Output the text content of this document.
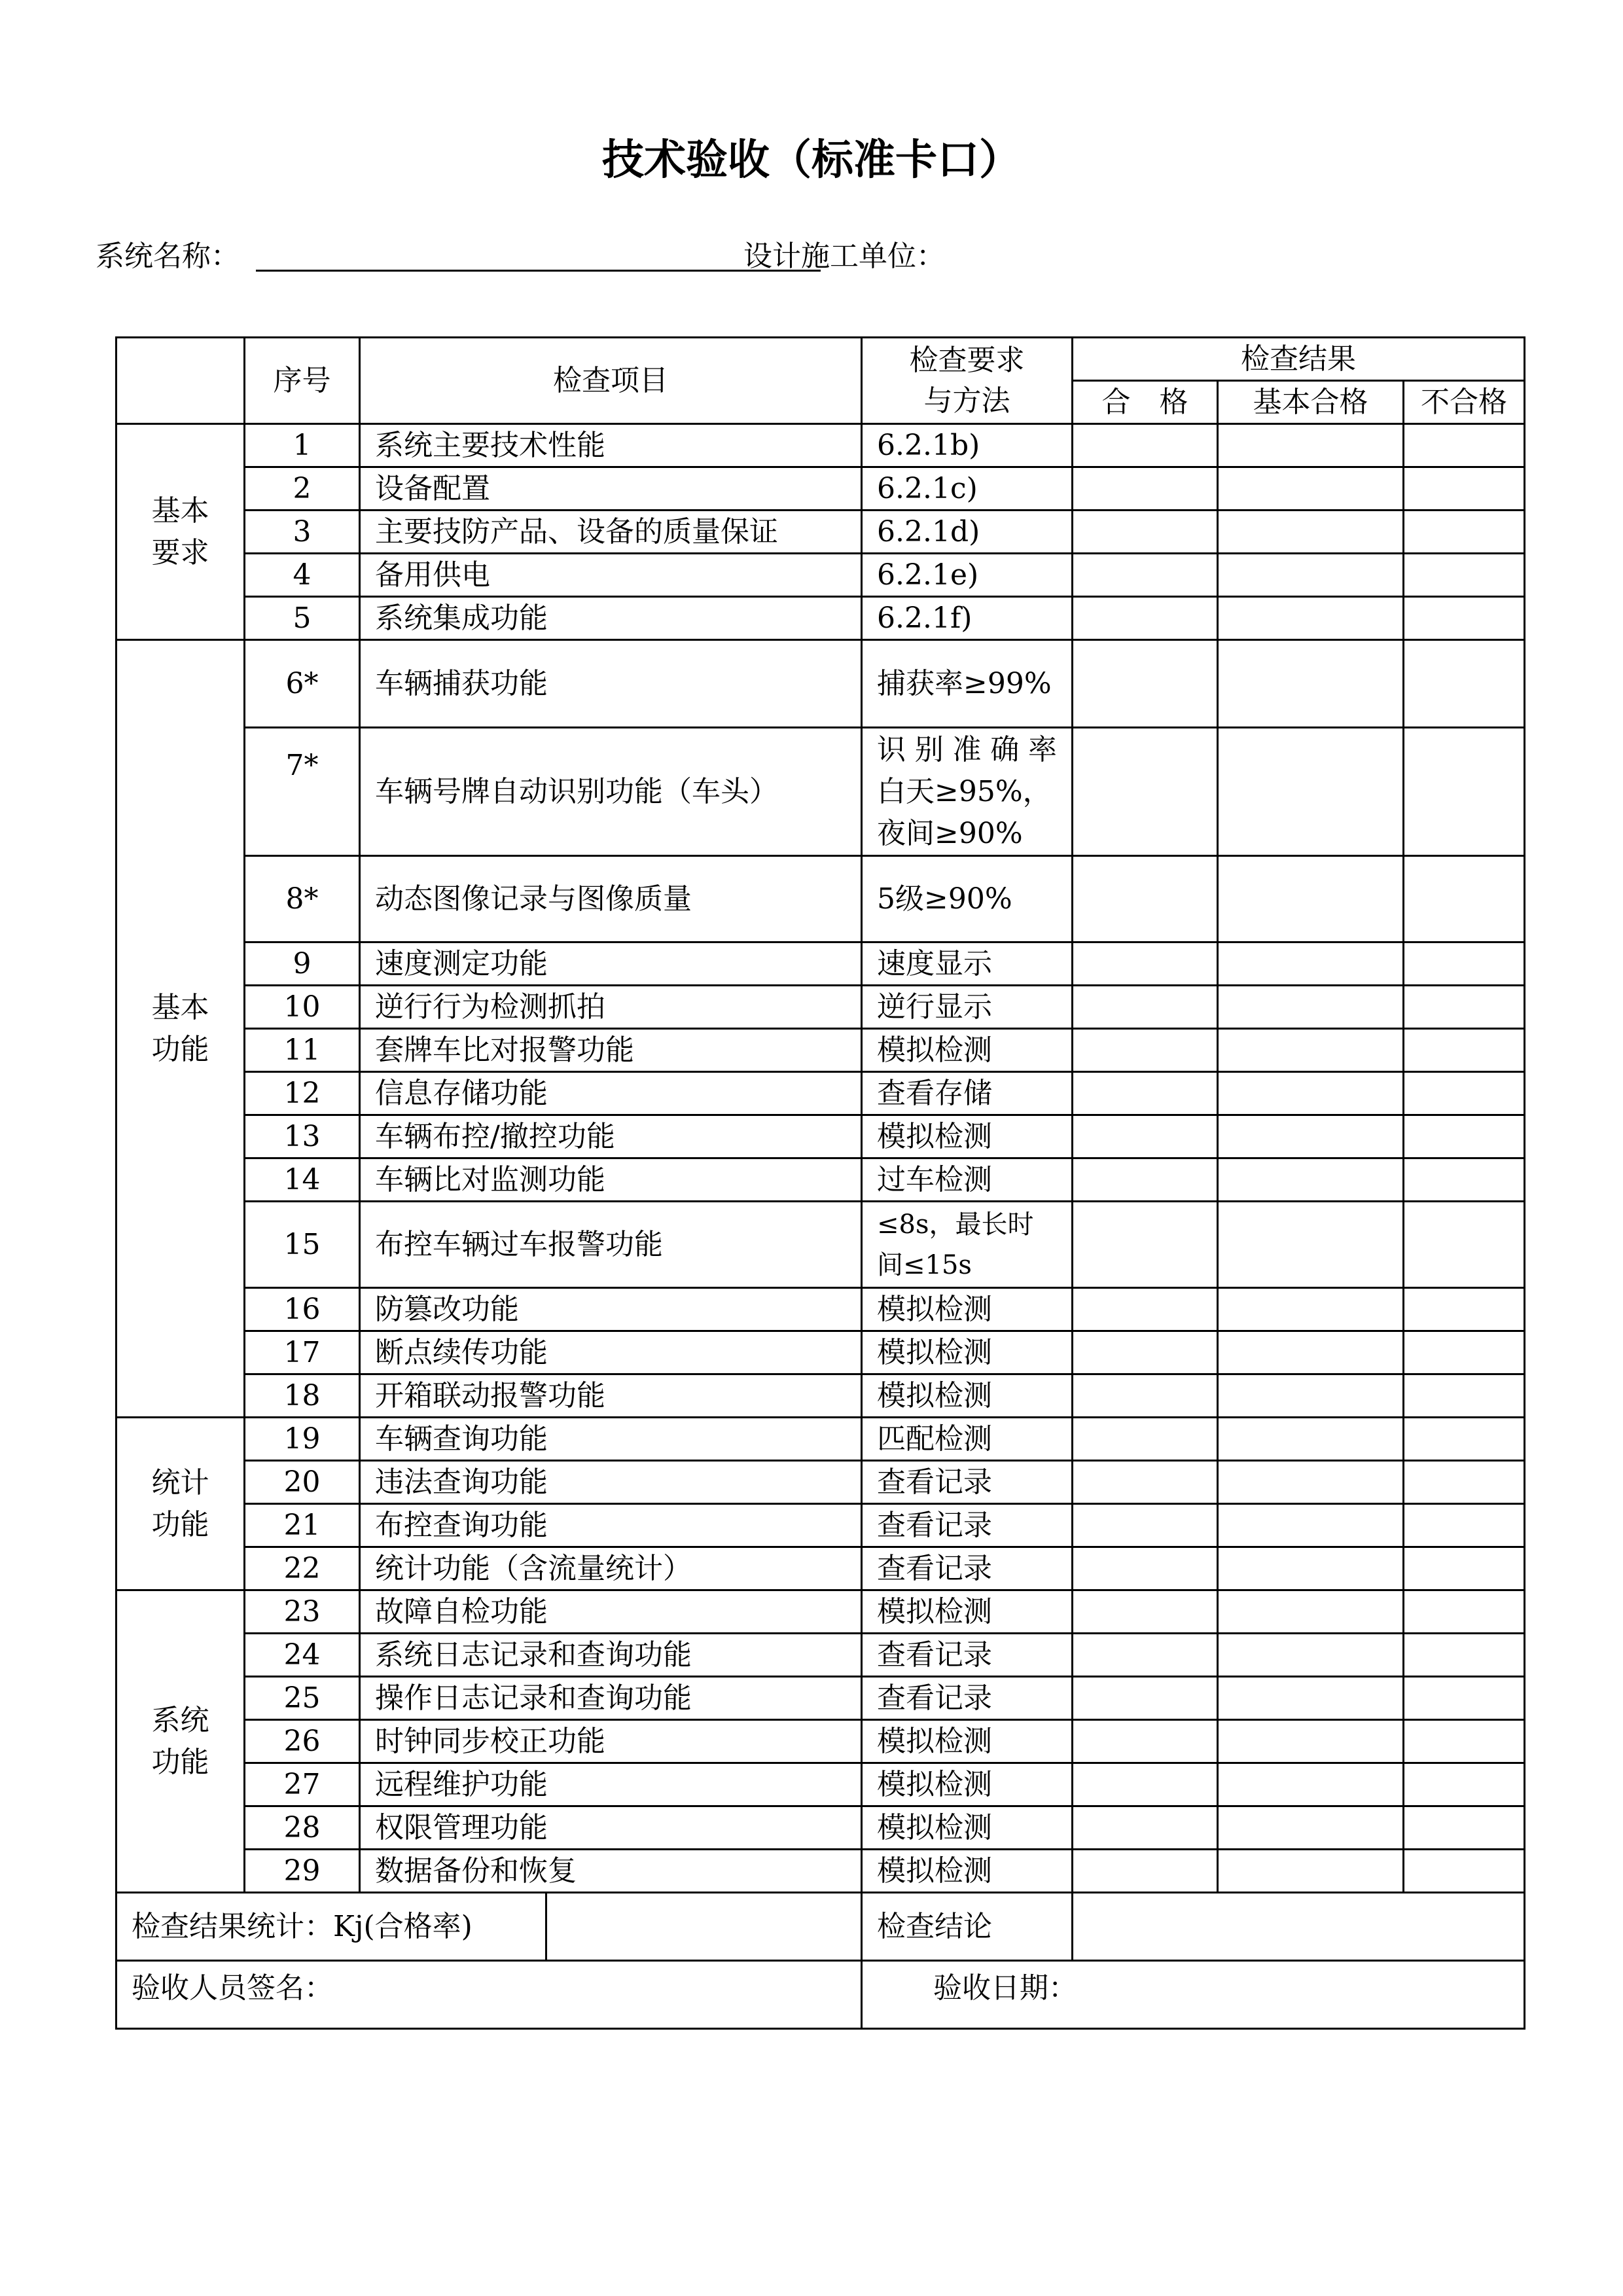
技术验收（标准卡口）
系统名称：	设计施工单位：
	序号	检查项目		检查要求
与方法	检查结果		
					合　格	基本合格	不合格

基本
要求	1	系统主要技术性能		6.2.1b)			
	2	设备配置		6.2.1c)			
	3	主要技防产品、设备的质量保证		6.2.1d)			
	4	备用供电		6.2.1e)			
	5	系统集成功能		6.2.1f)			

基本
功能	6*	车辆捕获功能		捕获率≥99%			
	7*	车辆号牌自动识别功能（车头）		识别准确率
白天≥95%，
夜间≥90%			

	8*	动态图像记录与图像质量		5级≥90%			
	9	速度测定功能		速度显示			
	10	逆行行为检测抓拍		逆行显示			
	11	套牌车比对报警功能		模拟检测			
	12	信息存储功能		查看存储			
	13	车辆布控/撤控功能		模拟检测			
	14	车辆比对监测功能		过车检测			
	15	布控车辆过车报警功能		≤8s，最长时
间≤15s			

	16	防篡改功能		模拟检测			
	17	断点续传功能		模拟检测			
	18	开箱联动报警功能		模拟检测			

统计
功能	19	车辆查询功能		匹配检测			
	20	违法查询功能		查看记录			
	21	布控查询功能		查看记录			
	22	统计功能（含流量统计）		查看记录			

系统
功能	23	故障自检功能		模拟检测			
	24	系统日志记录和查询功能		查看记录			
	25	操作日志记录和查询功能		查看记录			
	26	时钟同步校正功能		模拟检测			
	27	远程维护功能		模拟检测			
	28	权限管理功能		模拟检测			
	29	数据备份和恢复		模拟检测			
检查结果统计：Kj(合格率)				检查结论			
验收人员签名：				验收日期：			
